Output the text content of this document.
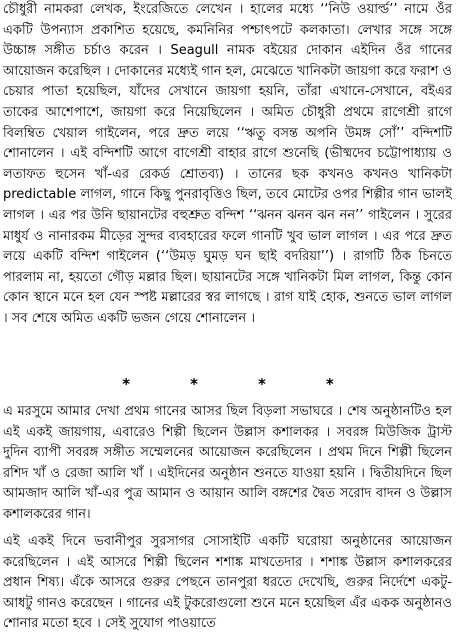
চৌধুরী নামকরা লেখক, ইংরেজিতে লেখেন । হালের মধ্যে ‘‘নিউ ওয়ার্ল্ড’’ নামে ওঁর একটি উপন্যাস প্রকাশিত হয়েছে, কমনিনির পশ্চাৎপটে কলকাতা। লেখার সঙ্গে সঙ্গে উচ্চাঙ্গ সঙ্গীত চর্চাও করেন । Seagull নামক বইয়ের দোকান এইদিন ওঁর গানের আয়োজন করেছিল । দোকানের মধ্যেই গান হল, মেঝেতে খানিকটা জায়গা করে ফরাশ ও চেয়ার পাতা হয়েছিল, যাঁদের সেখানে জায়গা হয়নি, তাঁরা এখানে-সেখানে, বইএর তাকের আশেপাশে, জায়গা করে নিয়েছিলেন । অমিত চৌধুরী প্রথমে রাগেশ্রী রাগে বিলম্বিত খেয়াল গাইলেন, পরে দ্রুত লয়ে ‘‘ঋতু বসন্ত অপনি উমঙ্গ সোঁ’’ বন্দিশটি শোনালেন । এই বন্দিশটি আগে বাগেশ্রী বাহার রাগে শুনেছি (ভীষ্মদেব চট্টোপাধ্যায় ও লতাফত হুসেন খাঁ-এর রেকর্ড শ্রোতব্য) । তানের ছক কখনও কখনও খানিকটা predictable লাগল, গানে কিছু পুনরাবৃত্তিও ছিল, তবে মোটের ওপর শিল্পীর গান ভালই লাগল । এর পর উনি ছায়ানটের বহুশ্রুত বন্দিশ ‘‘ঝনন ঝনন ঝন নন’’ গাইলেন । সুরের মাধুর্য ও নানারকম মীড়ের সুন্দর ব্যবহারের ফলে গানটি খুব ভাল লাগল । এর পরে দ্রুত লয়ে একটি বন্দিশ গাইলেন (‘‘উমড় ঘুমড় ঘন ছাই বদরিয়া’’) । রাগটি ঠিক চিনতে পারলাম না, হয়তো গৌড় মল্লার ছিল। ছায়ানটের সঙ্গে খানিকটা মিল লাগল, কিন্তু কোন কোন স্থানে মনে হল যেন স্পষ্ট মল্লারের স্বর লাগছে । রাগ যাই হোক, শুনতে ভাল লাগল । সব শেষে অমিত একটি ভজন গেয়ে শোনালেন ।

*	*	*	*

এ মরসুমে আমার দেখা প্রথম গানের আসর ছিল বিড়লা সভাঘরে । শেষ অনুষ্ঠানটিও হল এই একই জায়গায়, এবারেও শিল্পী ছিলেন উল্লাস কশালকর । সবরঙ্গ মিউজিক ট্রাস্ট দুদিন ব্যাপী সবরঙ্গ সঙ্গীত সম্মেলনের আয়োজন করেছিলেন । প্রথম দিনে শিল্পী ছিলেন রশিদ খাঁ ও রেজা আলি খাঁ । এইদিনের অনুষ্ঠান শুনতে যাওয়া হয়নি । দ্বিতীয়দিনে ছিল আমজাদ আলি খাঁ-এর পুত্র আমান ও আয়ান আলি বঙ্গশের দ্বৈত সরোদ বাদন ও উল্লাস কশালকরের গান।

এই একই দিনে ভবানীপুর সুরসাগর সোসাইটি একটি ঘরোয়া অনুষ্ঠানের আয়োজন করেছিলেন । এই আসরে শিল্পী ছিলেন শশাঙ্ক মাখতেদার । শশাঙ্ক উল্লাস কশালকরের প্রধান শিষ্য। এঁকে আসরে গুরুর পেছনে তানপুরা ধরতে দেখেছি, গুরুর নির্দেশে একটু-আধটু গানও করেছেন । গানের এই টুকরোগুলো শুনে মনে হয়েছিল এঁর একক অনুষ্ঠানও শোনার মতো হবে । সেই সুযোগ পাওয়াতে
